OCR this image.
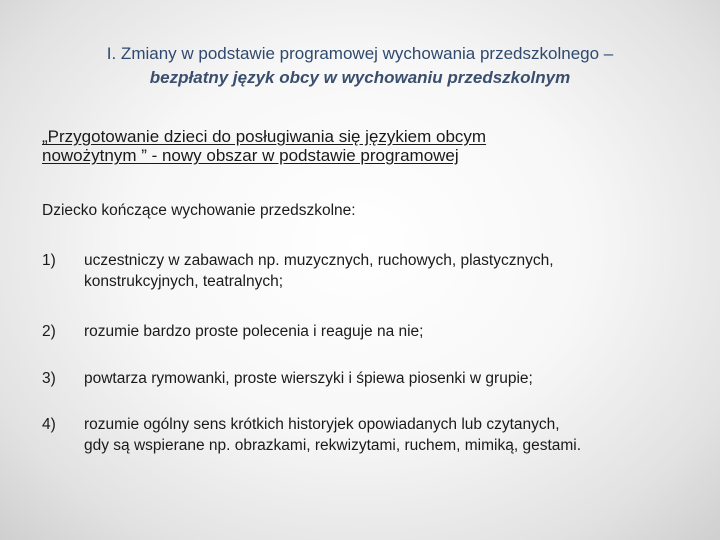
I. Zmiany w podstawie programowej wychowania przedszkolnego –
bezpłatny język obcy w wychowaniu przedszkolnym
„Przygotowanie dzieci do posługiwania się językiem obcym
nowożytnym ” - nowy obszar w podstawie programowej
Dziecko kończące wychowanie przedszkolne:
1) uczestniczy w zabawach np. muzycznych, ruchowych, plastycznych,
konstrukcyjnych, teatralnych;
2) rozumie bardzo proste polecenia i reaguje na nie;
3) powtarza rymowanki, proste wierszyki i śpiewa piosenki w grupie;
4) rozumie ogólny sens krótkich historyjek opowiadanych lub czytanych,
gdy są wspierane np. obrazkami, rekwizytami, ruchem, mimiką, gestami.
